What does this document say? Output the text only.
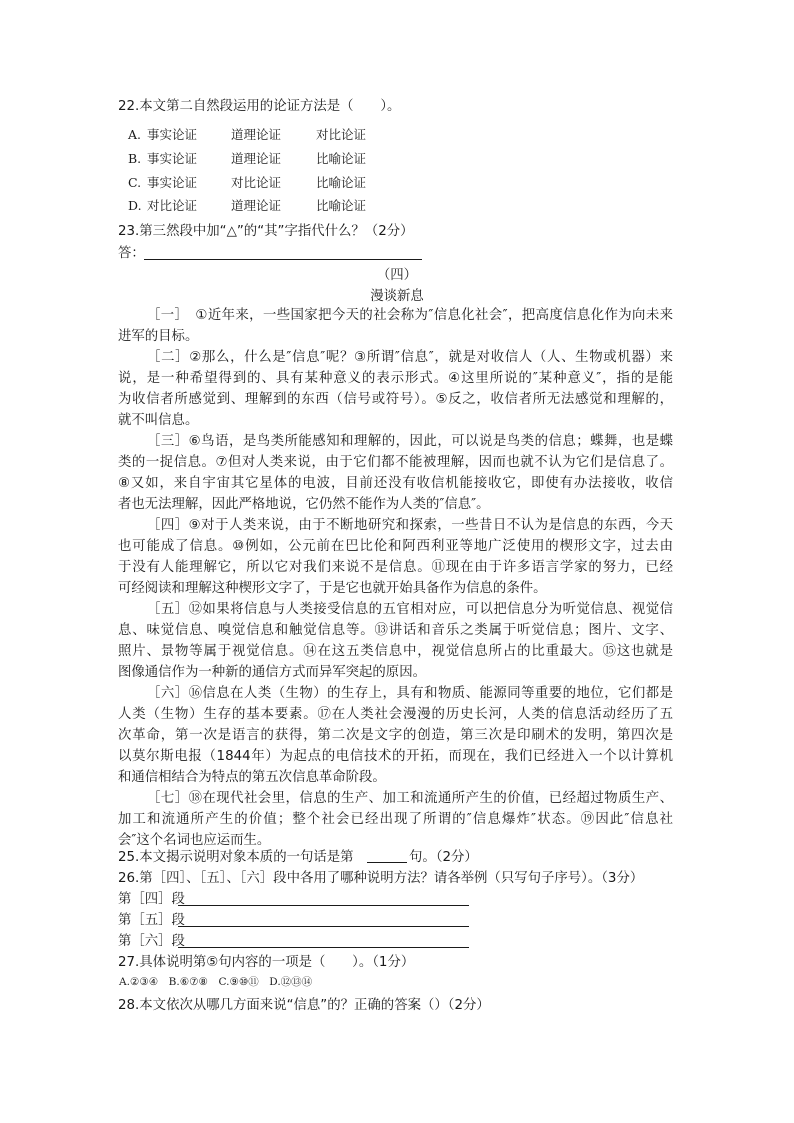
22.本文第二自然段运用的论证方法是（　　）。
A. 事实论证	道理论证	对比论证
B. 事实论证	道理论证	比喻论证
C. 事实论证	对比论证	比喻论证
D. 对比论证	道理论证	比喻论证
23.第三然段中加“△”的“其”字指代什么？（2分）
答：
（四）
漫谈新息
［一］　①近年来，一些国家把今天的社会称为″信息化社会″，把高度信息化作为向未来
进军的目标。
［二］②那么，什么是″信息″呢？③所谓″信息″，就是对收信人（人、生物或机器）来
说，是一种希望得到的、具有某种意义的表示形式。④这里所说的″某种意义″，指的是能
为收信者所感觉到、理解到的东西（信号或符号）。⑤反之，收信者所无法感觉和理解的，
就不叫信息。
［三］⑥鸟语，是鸟类所能感知和理解的，因此，可以说是鸟类的信息；蝶舞，也是蝶
类的一捉信息。⑦但对人类来说，由于它们都不能被理解，因而也就不认为它们是信息了。
⑧又如，来自宇宙其它星体的电波，目前还没有收信机能接收它，即使有办法接收，收信
者也无法理解，因此严格地说，它仍然不能作为人类的″信息″。
［四］⑨对于人类来说，由于不断地研究和探索，一些昔日不认为是信息的东西，今天
也可能成了信息。⑩例如，公元前在巴比伦和阿西利亚等地广泛使用的楔形文字，过去由
于没有人能理解它，所以它对我们来说不是信息。⑪现在由于许多语言学家的努力，已经
可经阅读和理解这种楔形文字了，于是它也就开始具备作为信息的条件。
［五］⑫如果将信息与人类接受信息的五官相对应，可以把信息分为听觉信息、视觉信
息、味觉信息、嗅觉信息和触觉信息等。⑬讲话和音乐之类属于听觉信息；图片、文字、
照片、景物等属于视觉信息。⑭在这五类信息中，视觉信息所占的比重最大。⑮这也就是
图像通信作为一种新的通信方式而异军突起的原因。
［六］⑯信息在人类（生物）的生存上，具有和物质、能源同等重要的地位，它们都是
人类（生物）生存的基本要素。⑰在人类社会漫漫的历史长河，人类的信息活动经历了五
次革命，第一次是语言的获得，第二次是文字的创造，第三次是印刷术的发明，第四次是
以莫尔斯电报（1844年）为起点的电信技术的开拓，而现在，我们已经进入一个以计算机
和通信相结合为特点的第五次信息革命阶段。
［七］⑱在现代社会里，信息的生产、加工和流通所产生的价值，已经超过物质生产、
加工和流通所产生的价值；整个社会已经出现了所谓的″信息爆炸″状态。⑲因此″信息社
会″这个名词也应运而生。
25.本文揭示说明对象本质的一句话是第	句。（2分）
26.第［四］、［五］、［六］段中各用了哪种说明方法？请各举例（只写句子序号）。（3分）
第［四］段
第［五］段
第［六］段
27.具体说明第⑤句内容的一项是（　　）。（1分）
A.②③④　B.⑥⑦⑧　C.⑨⑩⑪　D.⑫⑬⑭
28.本文依次从哪几方面来说“信息”的？正确的答案（）（2分）
